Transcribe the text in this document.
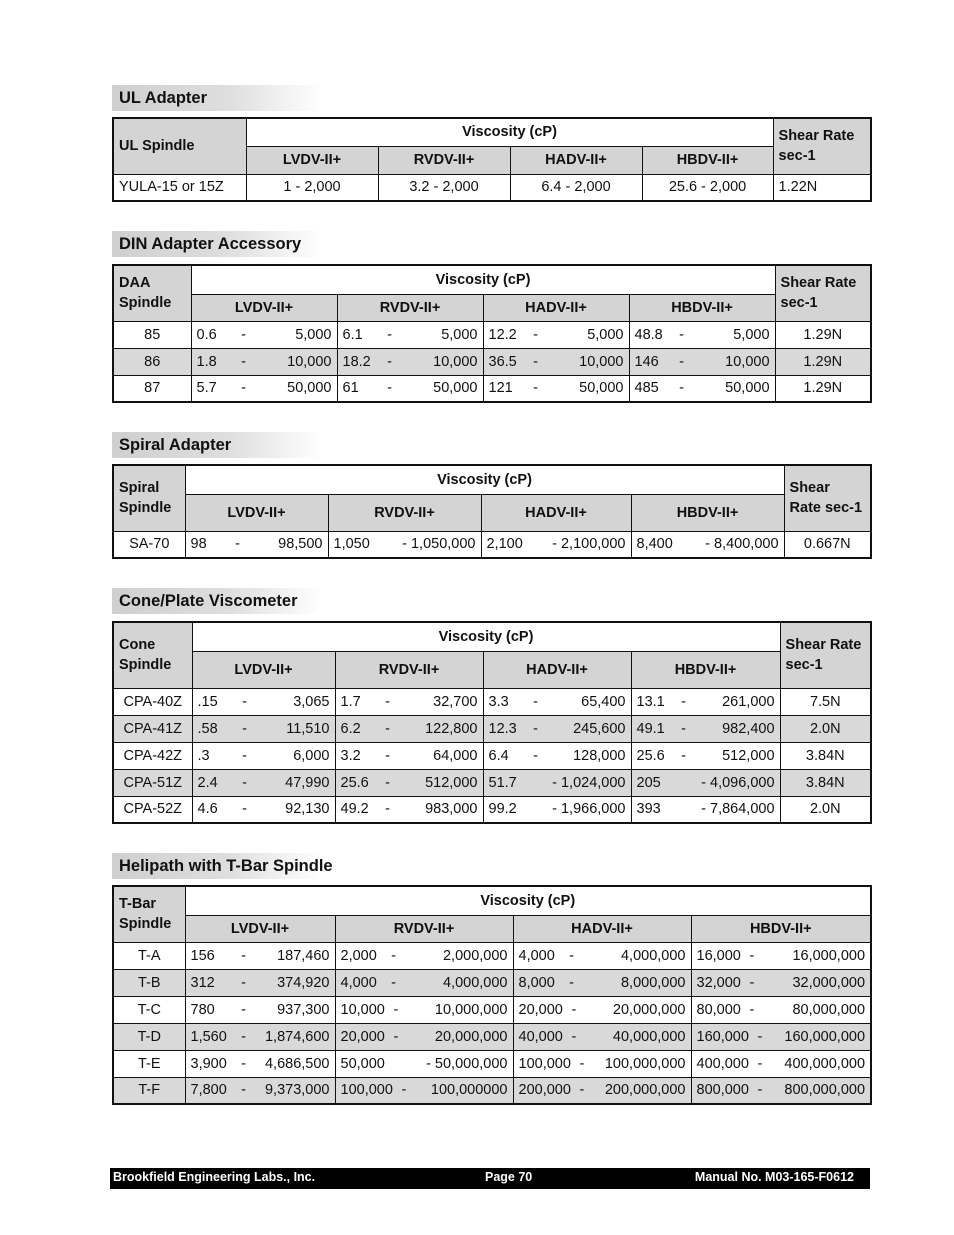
UL Adapter
UL Spindle	Viscosity (cP)				Shear Rate sec-1
	LVDV-II+	RVDV-II+	HADV-II+	HBDV-II+	
YULA-15 or 15Z	1 - 2,000	3.2 - 2,000	6.4 - 2,000	25.6 - 2,000	1.22N
DIN Adapter Accessory
DAA Spindle	Viscosity (cP)				Shear Rate sec-1
	LVDV-II+	RVDV-II+	HADV-II+	HBDV-II+	
85	0.6 - 5,000	6.1 - 5,000	12.2 - 5,000	48.8 - 5,000	1.29N
86	1.8 - 10,000	18.2 - 10,000	36.5 - 10,000	146 - 10,000	1.29N
87	5.7 - 50,000	61 - 50,000	121 - 50,000	485 - 50,000	1.29N
Spiral Adapter
Spiral Spindle	Viscosity (cP)				Shear Rate sec-1
	LVDV-II+	RVDV-II+	HADV-II+	HBDV-II+	
SA-70	98 - 98,500	1,050 - 1,050,000	2,100 - 2,100,000	8,400 - 8,400,000	0.667N
Cone/Plate Viscometer
Cone Spindle	Viscosity (cP)				Shear Rate sec-1
	LVDV-II+	RVDV-II+	HADV-II+	HBDV-II+	
CPA-40Z	.15 - 3,065	1.7 - 32,700	3.3 - 65,400	13.1 - 261,000	7.5N
CPA-41Z	.58 - 11,510	6.2 - 122,800	12.3 - 245,600	49.1 - 982,400	2.0N
CPA-42Z	.3 - 6,000	3.2 - 64,000	6.4 - 128,000	25.6 - 512,000	3.84N
CPA-51Z	2.4 - 47,990	25.6 - 512,000	51.7 - 1,024,000	205 - 4,096,000	3.84N
CPA-52Z	4.6 - 92,130	49.2 - 983,000	99.2 - 1,966,000	393 - 7,864,000	2.0N
Helipath with T-Bar Spindle
T-Bar Spindle	Viscosity (cP)			
	LVDV-II+	RVDV-II+	HADV-II+	HBDV-II+
T-A	156 - 187,460	2,000 - 2,000,000	4,000 - 4,000,000	16,000 - 16,000,000

T-B	312 - 374,920	4,000 - 4,000,000	8,000 - 8,000,000	32,000 - 32,000,000

T-C	780 - 937,300	10,000 - 10,000,000	20,000 - 20,000,000	80,000 - 80,000,000

T-D	1,560 - 1,874,600	20,000 - 20,000,000	40,000 - 40,000,000	160,000 - 160,000,000

T-E	3,900 - 4,686,500	50,000 - 50,000,000	100,000 - 100,000,000	400,000 - 400,000,000

T-F	7,800 - 9,373,000	100,000 - 100,000000	200,000 - 200,000,000	800,000 - 800,000,000
Brookfield Engineering Labs., Inc.	Page 70	Manual No. M03-165-F0612
